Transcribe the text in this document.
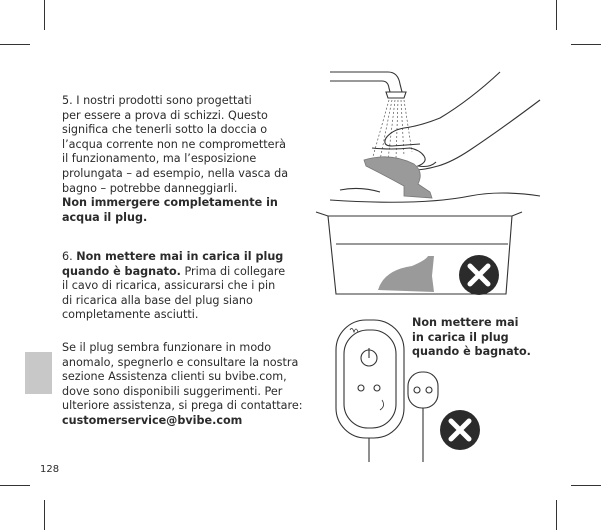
5. I nostri prodotti sono progettati
per essere a prova di schizzi. Questo
significa che tenerli sotto la doccia o
l’acqua corrente non ne comprometterà
il funzionamento, ma l’esposizione
prolungata – ad esempio, nella vasca da
bagno – potrebbe danneggiarli.
Non immergere completamente in
acqua il plug.
6. Non mettere mai in carica il plug
quando è bagnato. Prima di collegare
il cavo di ricarica, assicurarsi che i pin
di ricarica alla base del plug siano
completamente asciutti.
Se il plug sembra funzionare in modo
anomalo, spegnerlo e consultare la nostra
sezione Assistenza clienti su bvibe.com,
dove sono disponibili suggerimenti. Per
ulteriore assistenza, si prega di contattare:
customerservice@bvibe.com
Non mettere mai
in carica il plug
quando è bagnato.
128
